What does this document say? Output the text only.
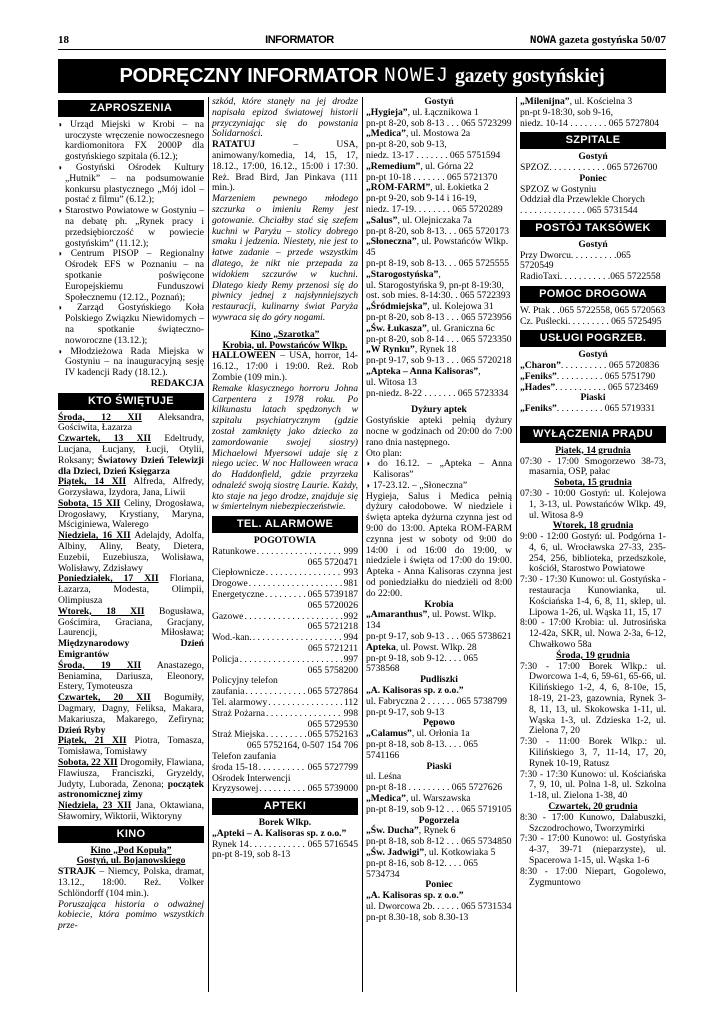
18	INFORMATOR	NOWA gazeta gostyńska 50/07
PODRĘCZNY INFORMATOR NOWEJ gazety gostyńskiej
ZAPROSZENIA

◗ Urząd Miejski w Krobi – na uroczyste wręczenie nowoczesnego kardiomonitora FX 2000P dla gostyńskiego szpitala (6.12.);

◗ Gostyński Ośrodek Kultury „Hutnik” – na podsumowanie konkursu plastycznego „Mój idol – postać z filmu” (6.12.);

◗ Starostwo Powiatowe w Gostyniu – na debatę ph. „Rynek pracy i przedsiębiorczość w powiecie gostyńskim” (11.12.);

◗ Centrum PISOP – Regionalny Ośrodek EFS w Poznaniu – na spotkanie poświęcone Europejskiemu Funduszowi Społecznemu (12.12., Poznań);

◗ Zarząd Gostyńskiego Koła Polskiego Związku Niewidomych – na spotkanie świąteczno-noworoczne (13.12.);

◗ Młodzieżowa Rada Miejska w Gostyniu – na inauguracyjną sesję IV kadencji Rady (18.12.).

REDAKCJA
KTO ŚWIĘTUJE

Środa, 12 XII Aleksandra, Gościwita, Łazarza

Czwartek, 13 XII Edeltrudy, Lucjana, Łucjany, Łucji, Otylii, Roksany; Światowy Dzień Telewizji dla Dzieci, Dzień Księgarza

Piątek, 14 XII Alfreda, Alfredy, Gorzysława, Izydora, Jana, Liwii

Sobota, 15 XII Celiny, Drogosława, Drogosławy, Krystiany, Maryna, Mściginiewa, Walerego

Niedziela, 16 XII Adelajdy, Adolfa, Albiny, Aliny, Beaty, Dietera, Euzebii, Euzebiusza, Wolisława, Wolisławy, Zdzisławy

Poniedziałek, 17 XII Floriana, Łazarza, Modesta, Olimpii, Olimpiusza

Wtorek, 18 XII Bogusława, Gościmira, Graciana, Gracjany, Laurencji, Miłosława; Międzynarodowy Dzień Emigrantów

Środa, 19 XII Anastazego, Beniamina, Dariusza, Eleonory, Estery, Tymoteusza

Czwartek, 20 XII Bogumiły, Dagmary, Dagny, Feliksa, Makara, Makariusza, Makarego, Zefiryna; Dzień Ryby

Piątek, 21 XII Piotra, Tomasza, Tomisława, Tomisławy

Sobota, 22 XII Drogomiły, Flawiana, Flawiusza, Franciszki, Gryzeldy, Judyty, Luborada, Zenona; początek astronomicznej zimy

Niedziela, 23 XII Jana, Oktawiana, Sławomiry, Wiktorii, Wiktoryny

KINO
Kino „Pod Kopułą”
Gostyń, ul. Bojanowskiego

STRAJK – Niemcy, Polska, dramat, 13.12., 18:00. Reż. Volker Schlöndorff (104 min.).

Poruszająca historia o odważnej kobiecie, która pomimo wszystkich prze-

szkód, które stanęły na jej drodze napisała epizod światowej historii przyczyniając się do powstania Solidarności.

RATATUJ – USA, animowany/komedia, 14, 15, 17, 18.12., 17:00, 16.12., 15:00 i 17:30. Reż. Brad Bird, Jan Pinkava (111 min.).

Marzeniem pewnego młodego szczurka o imieniu Remy jest gotowanie. Chciałby stać się szefem kuchni w Paryżu – stolicy dobrego smaku i jedzenia. Niestety, nie jest to łatwe zadanie – przede wszystkim dlatego, że nikt nie przepada za widokiem szczurów w kuchni. Dlatego kiedy Remy przenosi się do piwnicy jednej z najsłynniejszych restauracji, kulinarny świat Paryża wywraca się do góry nogami.

Kino „Szarotka”
Krobia, ul. Powstańców Wlkp.

HALLOWEEN – USA, horror, 14-16.12., 17:00 i 19:00. Reż. Rob Zombie (109 min.).

Remake klasycznego horroru Johna Carpentera z 1978 roku. Po kilkunastu latach spędzonych w szpitalu psychiatrycznym (gdzie został zamknięty jako dziecko za zamordowanie swojej siostry) Michaelowi Myersowi udaje się z niego uciec. W noc Halloween wraca do Haddonfield, gdzie przyrzeka odnaleźć swoją siostrę Laurie. Każdy, kto staje na jego drodze, znajduje się w śmiertelnym niebezpieczeństwie.

TEL. ALARMOWE
POGOTOWIA
Ratunkowe . . .	999
065 5720471
Ciepłownicze . . .	993
Drogowe . . .	981
Energetyczne . . .	065 5739187
065 5720026
Gazowe . . .	992
065 5721218
Wod.-kan. . . .	994
065 5721211
Policja . . .	997
065 5758200
Policyjny telefon
zaufania . . .	065 5727864
Tel. alarmowy . . .	112
Straż Pożarna . . .	998
065 5729530
Straż Miejska . . .	065 5752163
065 5752164, 0-507 154 706
Telefon zaufania
środa 15-18 . . .	065 5727799
Ośrodek Interwencji
Kryzysowej . . .	065 5739000
APTEKI
Borek Wlkp.

„Apteki – A. Kalisoras sp. z o.o.”

Rynek 14 . . .	065 5716545

pn-pt 8-19, sob 8-13

Gostyń

„Hygieja”, ul. Łącznikowa 1

pn-pt 8-20, sob 8-13 . . . 065 5723299

„Medica”, ul. Mostowa 2a

pn-pt 8-20, sob 9-13,

niedz. 13-17 . . . . . . . 065 5751594

„Remedium”, ul. Górna 22

pn-pt 10-18 . . . . . . . 065 5721370

„ROM-FARM”, ul. Łokietka 2

pn-pt 9-20, sob 9-14 i 16-19,

niedz. 17-19. . . . . . . . 065 5720289

„Salus”, ul. Olejniczaka 7a

pn-pt 8-20, sob 8-13. . . 065 5720173

„Słoneczna”, ul. Powstańców Wlkp. 45

pn-pt 8-19, sob 8-13. . . 065 5725555

„Starogostyńska”,

ul. Starogostyńska 9, pn-pt 8-19:30,

ost. sob mies. 8-14:30. . 065 5722393

„Śródmiejska”, ul. Kolejowa 31

pn-pt 8-20, sob 8-13 . . . 065 5723956

„Św. Łukasza”, ul. Graniczna 6c

pn-pt 8-20, sob 8-14 . . . 065 5723350

„W Rynku”, Rynek 18

pn-pt 9-17, sob 9-13 . . . 065 5720218

„Apteka – Anna Kalisoras”,

ul. Witosa 13

pn-niedz. 8-22 . . . . . . . 065 5723334

Dyżury aptek

Gostyńskie apteki pełnią dyżury nocne w godzinach od 20:00 do 7:00 rano dnia następnego.

Oto plan:

◗ do 16.12. – „Apteka – Anna Kalisoras”

◗ 17-23.12. – „Słoneczna”

Hygieja, Salus i Medica pełnią dyżury całodobowe. W niedziele i święta apteka dyżurna czynna jest od 9:00 do 13:00. Apteka ROM-FARM czynna jest w soboty od 9:00 do 14:00 i od 16:00 do 19:00, w niedziele i święta od 17:00 do 19:00. Apteka - Anna Kalisoras czynna jest od poniedziałku do niedzieli od 8:00 do 22:00.

Krobia

„Amaranthus”, ul. Powst. Wlkp. 134

pn-pt 9-17, sob 9-13 . . . 065 5738621

Apteka, ul. Powst. Wlkp. 28

pn-pt 9-18, sob 9-12. . . . 065 5738568

Pudliszki

„A. Kalisoras sp. z o.o.”

ul. Fabryczna 2 . . . . . . 065 5738799

pn-pt 9-17, sob 9-13

Pępowo

„Calamus”, ul. Orłonia 1a

pn-pt 8-18, sob 8-13. . . . 065 5741166

Piaski

ul. Leśna

pn-pt 8-18 . . . . . . . . . 065 5727626

„Medica”, ul. Warszawska

pn-pt 8-19, sob 9-12 . . . 065 5719105

Pogorzela

„Św. Ducha”, Rynek 6

pn-pt 8-18, sob 8-12 . . . 065 5734850

„Św. Jadwigi”, ul. Kotkowiaka 5

pn-pt 8-16, sob 8-12. . . . 065 5734734

Poniec

„A. Kalisoras sp. z o.o.”

ul. Dworcowa 2b. . . . . . 065 5731534

pn-pt 8.30-18, sob 8.30-13

„Milenijna”, ul. Kościelna 3

pn-pt 9-18:30, sob 9-16,

niedz. 10-14 . . . . . . . . 065 5727804

SZPITALE
Gostyń

SPZOZ. . . . . . . . . . . . 065 5726700

Poniec

SPZOZ w Gostyniu

Oddział dla Przewlekle Chorych

. . . . . . . . . . . . . . 065 5731544

POSTÓJ TAKSÓWEK
Gostyń

Przy Dworcu. . . . . . . . . .065 5720549

RadioTaxi. . . . . . . . . . .065 5722558

POMOC DROGOWA

W. Ptak . .065 5722558, 065 5720563

Cz. Puślecki. . . . . . . . . 065 5725495

USŁUGI POGRZEB.
Gostyń

„Charon”. . . . . . . . . . 065 5720836

„Feniks”. . . . . . . . . . 065 5751790

„Hades”. . . . . . . . . . . 065 5723469

Piaski

„Feniks”. . . . . . . . . . 065 5719331

WYŁĄCZENIA PRĄDU
Piątek, 14 grudnia

07:30 - 17:00 Smogorzewo 38-73, masarnia, OSP, pałac

Sobota, 15 grudnia

07:30 - 10:00 Gostyń: ul. Kolejowa 1, 3-13, ul. Powstańców Wlkp. 49, ul. Witosa 8-9

Wtorek, 18 grudnia

9:00 - 12:00 Gostyń: ul. Podgórna 1-4, 6, ul. Wrocławska 27-33, 235-254, 256, biblioteka, przedszkole, kościół, Starostwo Powiatowe

7:30 - 17:30 Kunowo: ul. Gostyńska - restauracja Kunowianka, ul. Kościańska 1-4, 6, 8, 11, sklep, ul. Lipowa 1-26, ul. Wąska 11, 15, 17

8:00 - 17:00 Krobia: ul. Jutrosińska 12-42a, SKR, ul. Nowa 2-3a, 6-12, Chwałkowo 58a

Środa, 19 grudnia

7:30 - 17:00 Borek Wlkp.: ul. Dworcowa 1-4, 6, 59-61, 65-66, ul. Kilińskiego 1-2, 4, 6, 8-10e, 15, 18-19, 21-23, gazownia, Rynek 3-8, 11, 13, ul. Skokowska 1-11, ul. Wąska 1-3, ul. Zdzieska 1-2, ul. Zielona 7, 20

7:30 - 11:00 Borek Wlkp.: ul. Kilińskiego 3, 7, 11-14, 17, 20, Rynek 10-19, Ratusz

7:30 - 17:30 Kunowo: ul. Kościańska 7, 9, 10, ul. Polna 1-8, ul. Szkolna 1-18, ul. Zielona 1-38, 40

Czwartek, 20 grudnia

8:30 - 17:00 Kunowo, Dalabuszki, Szczodrochowo, Tworzymirki

7:30 - 17:00 Kunowo: ul. Gostyńska 4-37, 39-71 (nieparzyste), ul. Spacerowa 1-15, ul. Wąska 1-6

8:30 - 17:00 Niepart, Gogolewo, Zygmuntowo
